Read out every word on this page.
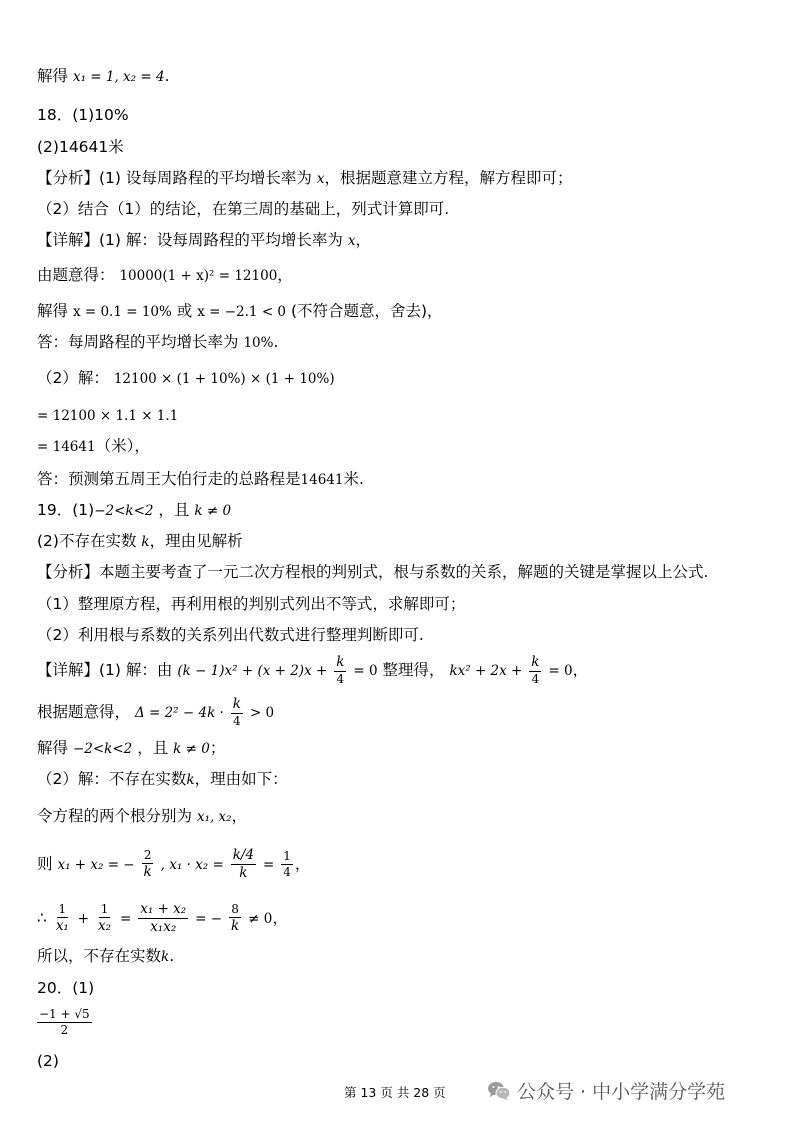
解得 x₁ = 1, x₂ = 4.
18．(1)10%
(2)14641米
【分析】(1) 设每周路程的平均增长率为 x，根据题意建立方程，解方程即可；
（2）结合（1）的结论，在第三周的基础上，列式计算即可.
【详解】(1) 解：设每周路程的平均增长率为 x，
由题意得： 10000(1 + x)² = 12100，
解得 x = 0.1 = 10% 或 x = −2.1 < 0 (不符合题意，舍去)，
答：每周路程的平均增长率为 10%.
（2）解： 12100 × (1 + 10%) × (1 + 10%)
= 12100 × 1.1 × 1.1
= 14641（米），
答：预测第五周王大伯行走的总路程是14641米.
19．(1)−2<k<2 ，且 k ≠ 0
(2)不存在实数 k，理由见解析
【分析】本题主要考查了一元二次方程根的判别式，根与系数的关系，解题的关键是掌握以上公式.
（1）整理原方程，再利用根的判别式列出不等式，求解即可；
（2）利用根与系数的关系列出代数式进行整理判断即可.
【详解】(1) 解：由 $(k - 1)x^2 + (x + 2)x + \frac{k}{4} = 0$ 整理得， $kx^2 + 2x + \frac{k}{4} = 0$，
根据题意得， $\Delta = 2^2 - 4k \cdot \frac{k}{4} > 0$
解得 −2<k<2 ，且 k ≠ 0；
（2）解：不存在实数k，理由如下：
令方程的两个根分别为 x₁, x₂，
则 x₁ + x₂ = − $\frac{2}{k}$ , $x_1 \cdot x_2 = \frac{k/4}{k} = \frac{1}{4}$ ，
∴ $\frac{1}{\text{x₁}} + \frac{1}{\text{x₂}} = \frac{\text{x₁ + x₂}}{\text{x₁x₂}}$ = − $\frac{8}{k} \ne 0$，
所以，不存在实数k.
20．(1)
$\frac{-1 + √5}{2}$
(2)
第 13 页 共 28 页	公众号 · 中小学满分学苑
